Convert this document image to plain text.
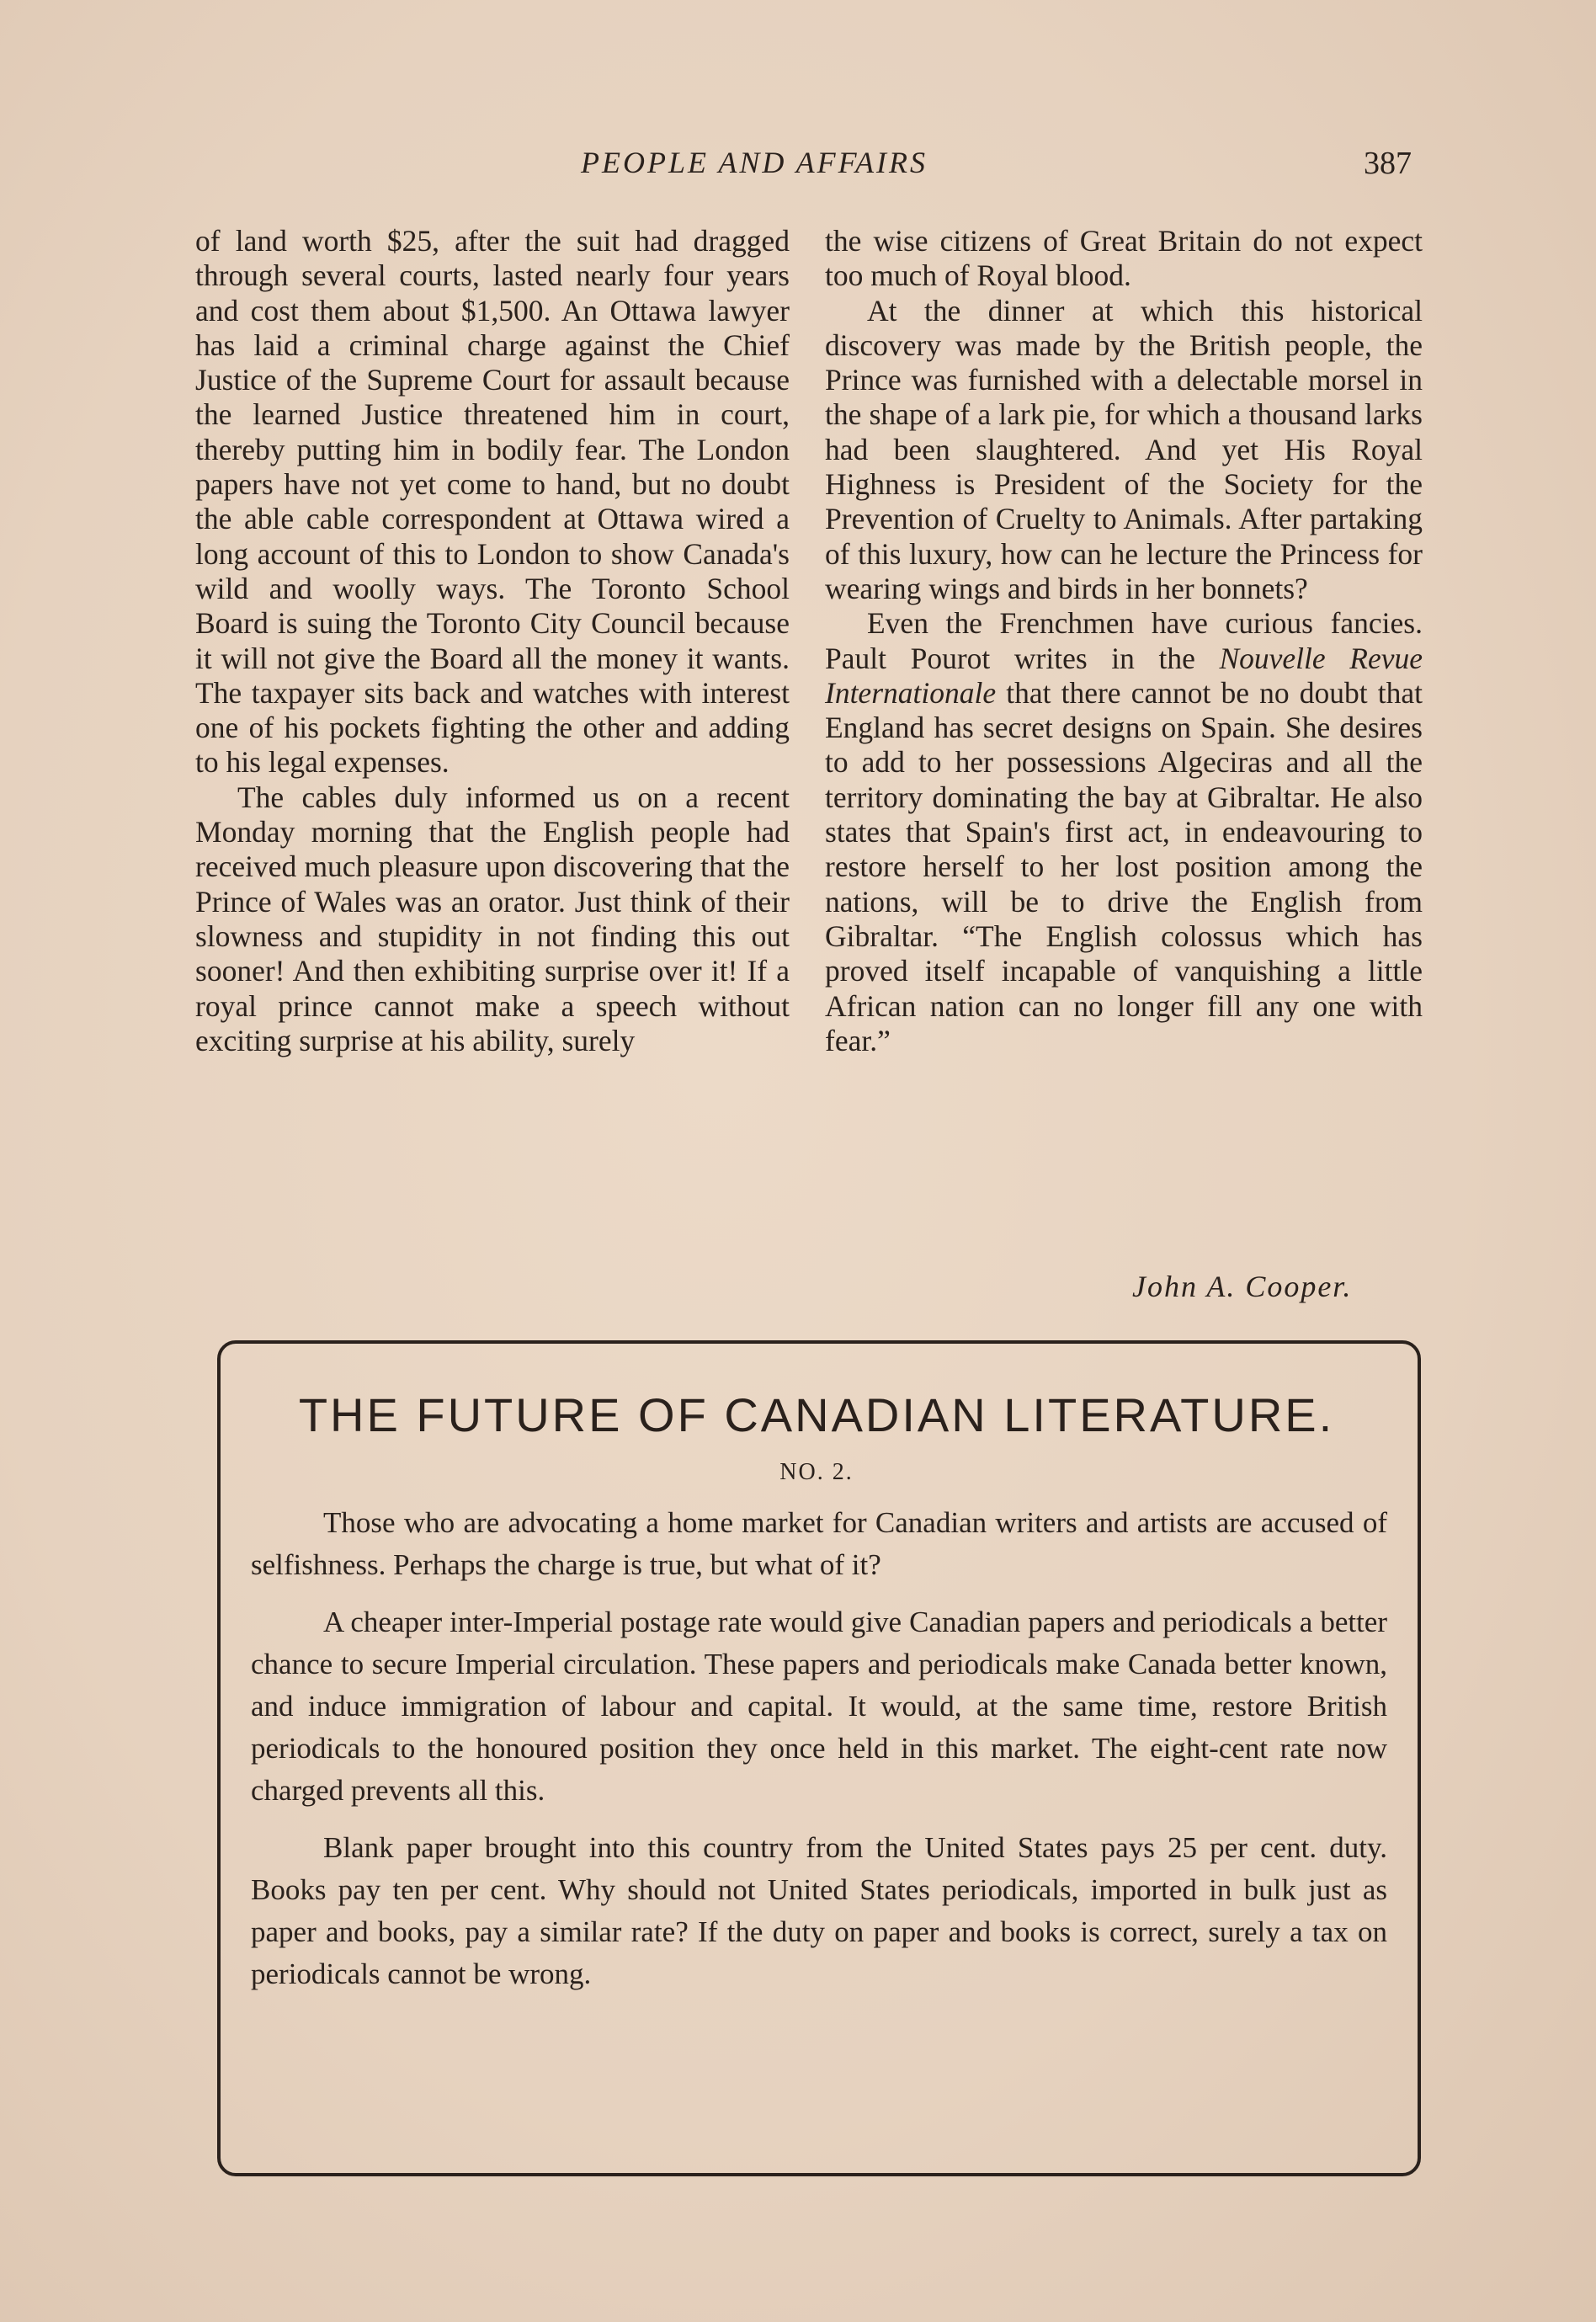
PEOPLE AND AFFAIRS	387

of land worth $25, after the suit had dragged through several courts, lasted nearly four years and cost them about $1,500. An Ottawa lawyer has laid a criminal charge against the Chief Justice of the Supreme Court for assault because the learned Justice threatened him in court, thereby putting him in bodily fear. The London papers have not yet come to hand, but no doubt the able cable correspondent at Ottawa wired a long account of this to London to show Canada's wild and woolly ways. The Toronto School Board is suing the Toronto City Council because it will not give the Board all the money it wants. The taxpayer sits back and watches with interest one of his pockets fighting the other and adding to his legal expenses.

The cables duly informed us on a recent Monday morning that the English people had received much pleasure upon discovering that the Prince of Wales was an orator. Just think of their slowness and stupidity in not finding this out sooner! And then exhibiting surprise over it! If a royal prince cannot make a speech without exciting surprise at his ability, surely

the wise citizens of Great Britain do not expect too much of Royal blood.

At the dinner at which this historical discovery was made by the British people, the Prince was furnished with a delectable morsel in the shape of a lark pie, for which a thousand larks had been slaughtered. And yet His Royal Highness is President of the Society for the Prevention of Cruelty to Animals. After partaking of this luxury, how can he lecture the Princess for wearing wings and birds in her bonnets?

Even the Frenchmen have curious fancies. Pault Pourot writes in the Nouvelle Revue Internationale that there cannot be no doubt that England has secret designs on Spain. She desires to add to her possessions Algeciras and all the territory dominating the bay at Gibraltar. He also states that Spain's first act, in endeavouring to restore herself to her lost position among the nations, will be to drive the English from Gibraltar. “The English colossus which has proved itself incapable of vanquishing a little African nation can no longer fill any one with fear.”

John A. Cooper.
THE FUTURE OF CANADIAN LITERATURE.
NO. 2.

Those who are advocating a home market for Canadian writers and artists are accused of selfishness. Perhaps the charge is true, but what of it?

A cheaper inter-Imperial postage rate would give Canadian papers and periodicals a better chance to secure Imperial circulation. These papers and periodicals make Canada better known, and induce immigration of labour and capital. It would, at the same time, restore British periodicals to the honoured position they once held in this market. The eight-cent rate now charged prevents all this.

Blank paper brought into this country from the United States pays 25 per cent. duty. Books pay ten per cent. Why should not United States periodicals, imported in bulk just as paper and books, pay a similar rate? If the duty on paper and books is correct, surely a tax on periodicals cannot be wrong.
